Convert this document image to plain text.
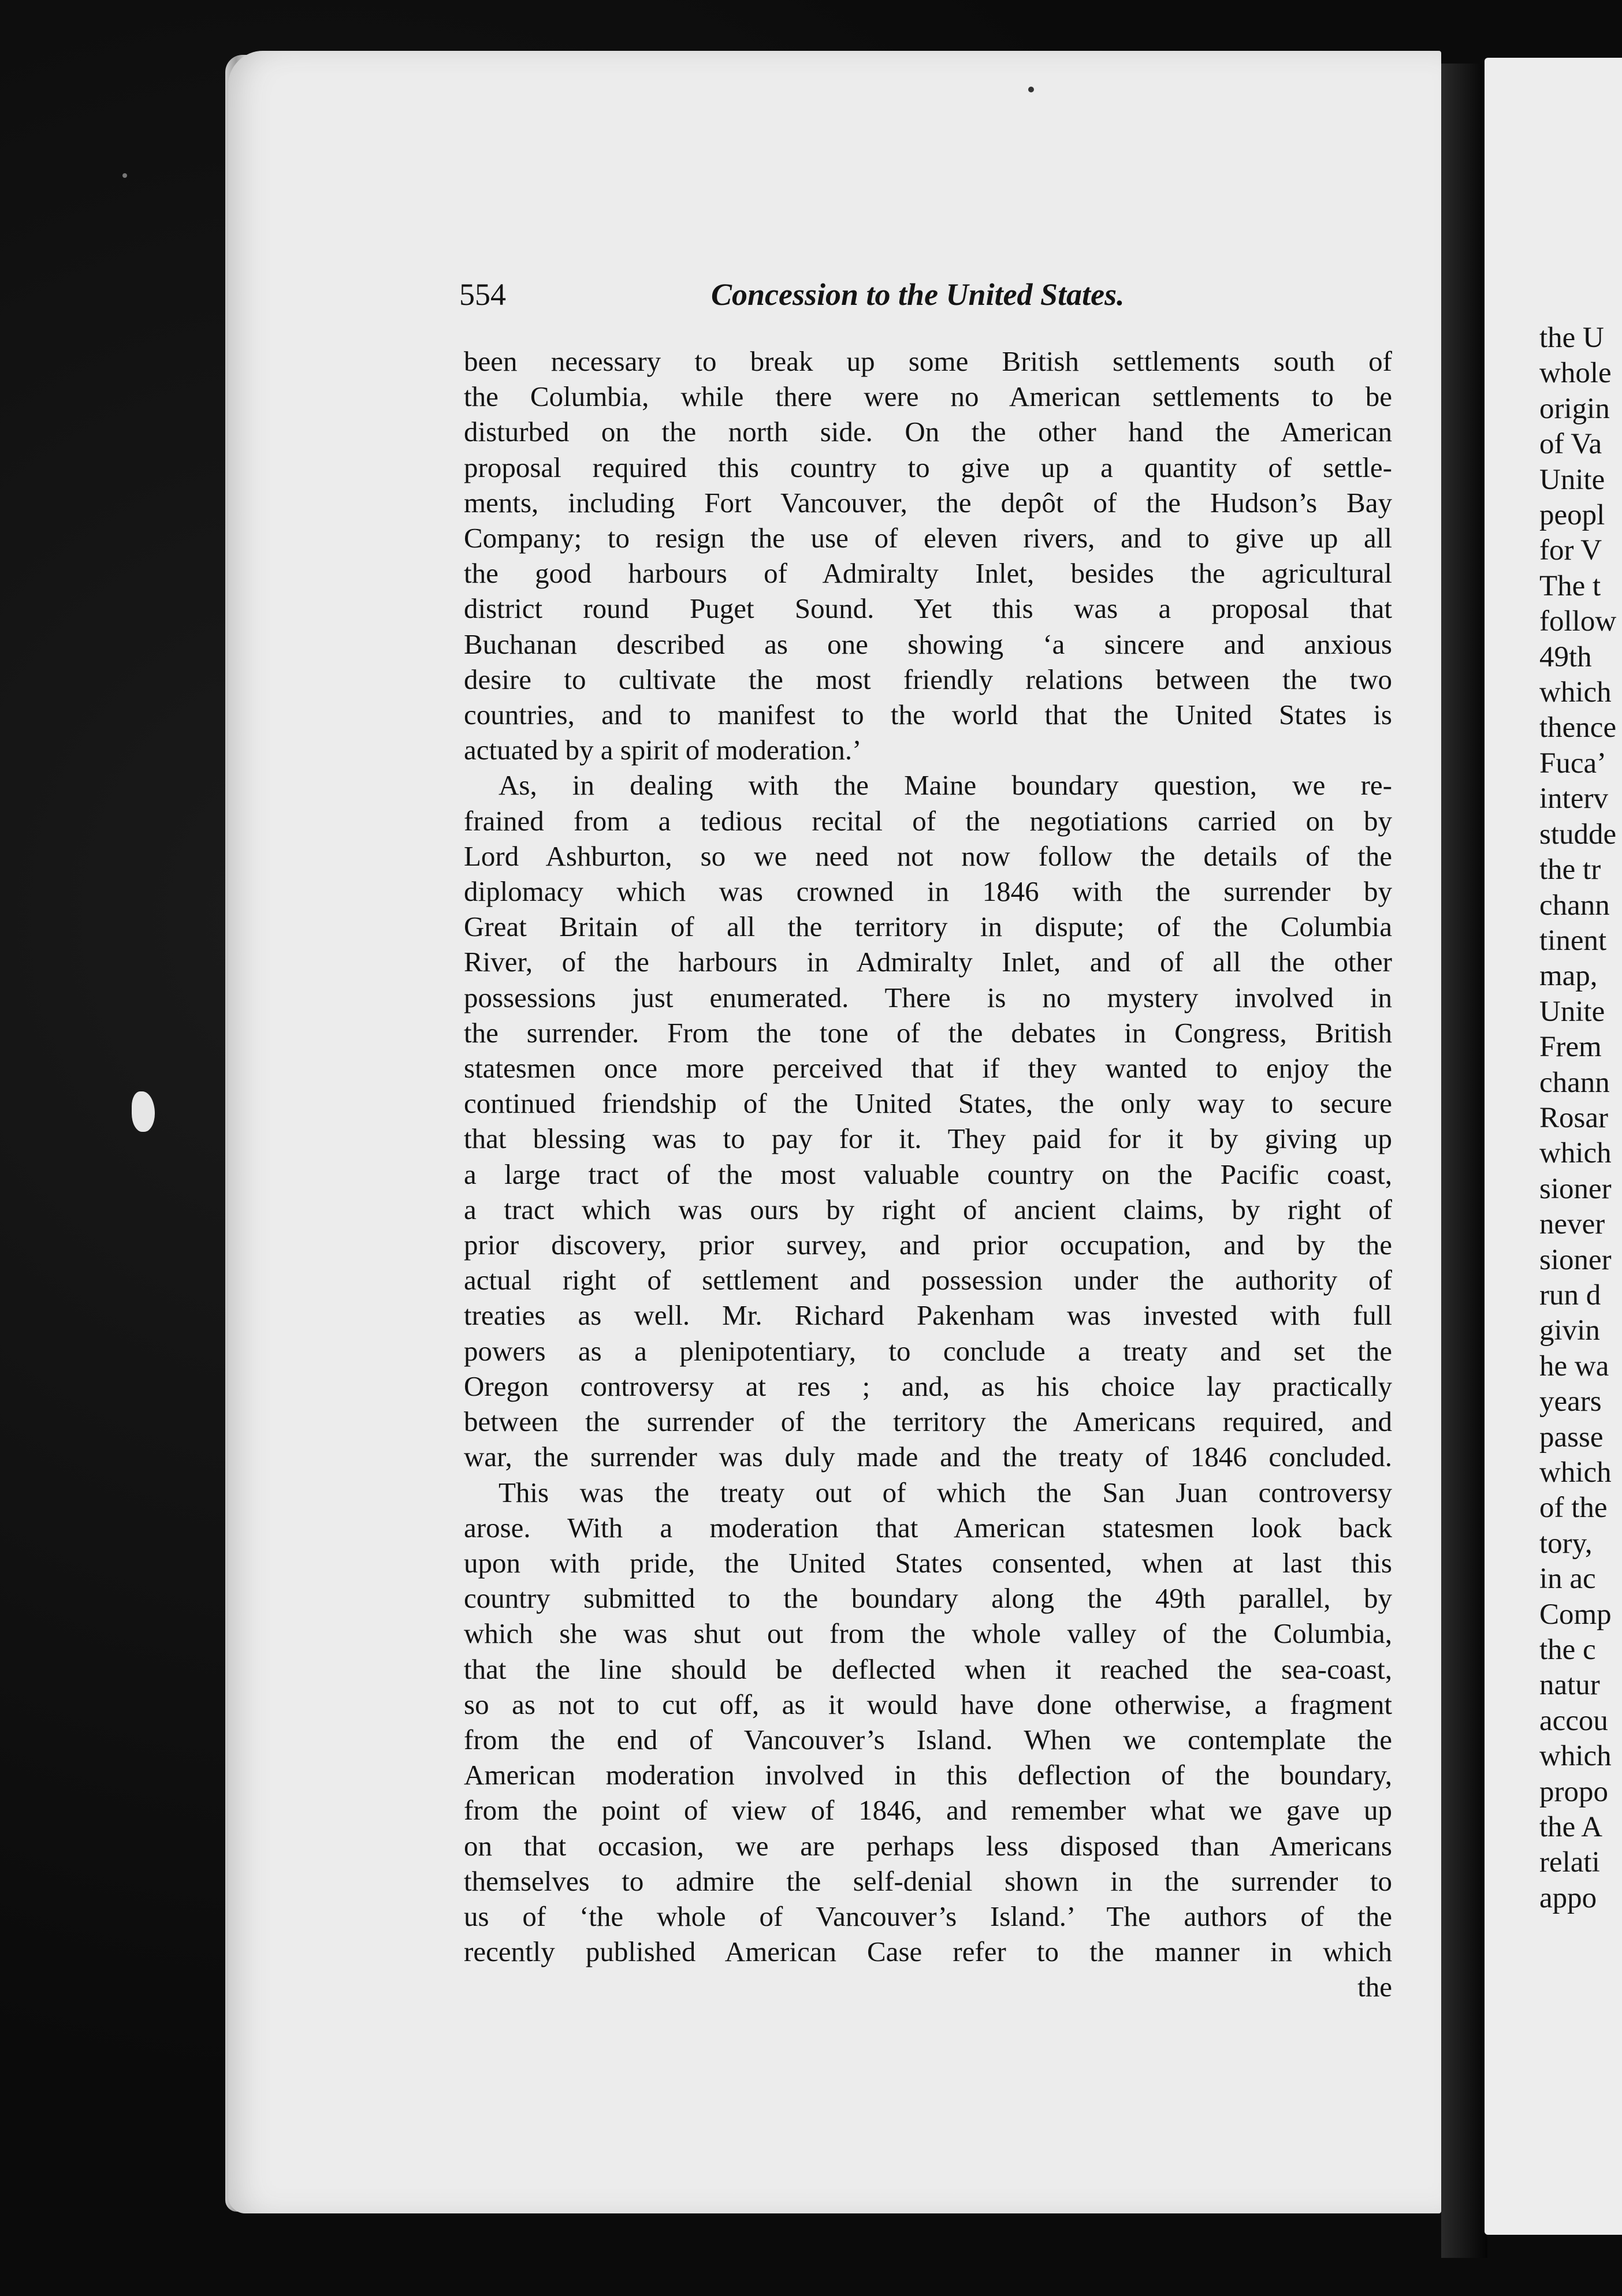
554	Concession to the United States.
been necessary to break up some British settlements south of
the Columbia, while there were no American settlements to be
disturbed on the north side. On the other hand the American
proposal required this country to give up a quantity of settle-
ments, including Fort Vancouver, the depôt of the Hudson’s Bay
Company; to resign the use of eleven rivers, and to give up all
the good harbours of Admiralty Inlet, besides the agricultural
district round Puget Sound. Yet this was a proposal that
Buchanan described as one showing ‘a sincere and anxious
desire to cultivate the most friendly relations between the two
countries, and to manifest to the world that the United States is
actuated by a spirit of moderation.’
As, in dealing with the Maine boundary question, we re-
frained from a tedious recital of the negotiations carried on by
Lord Ashburton, so we need not now follow the details of the
diplomacy which was crowned in 1846 with the surrender by
Great Britain of all the territory in dispute; of the Columbia
River, of the harbours in Admiralty Inlet, and of all the other
possessions just enumerated. There is no mystery involved in
the surrender. From the tone of the debates in Congress, British
statesmen once more perceived that if they wanted to enjoy the
continued friendship of the United States, the only way to secure
that blessing was to pay for it. They paid for it by giving up
a large tract of the most valuable country on the Pacific coast,
a tract which was ours by right of ancient claims, by right of
prior discovery, prior survey, and prior occupation, and by the
actual right of settlement and possession under the authority of
treaties as well. Mr. Richard Pakenham was invested with full
powers as a plenipotentiary, to conclude a treaty and set the
Oregon controversy at res ; and, as his choice lay practically
between the surrender of the territory the Americans required, and
war, the surrender was duly made and the treaty of 1846 concluded.
This was the treaty out of which the San Juan controversy
arose. With a moderation that American statesmen look back
upon with pride, the United States consented, when at last this
country submitted to the boundary along the 49th parallel, by
which she was shut out from the whole valley of the Columbia,
that the line should be deflected when it reached the sea-coast,
so as not to cut off, as it would have done otherwise, a fragment
from the end of Vancouver’s Island. When we contemplate the
American moderation involved in this deflection of the boundary,
from the point of view of 1846, and remember what we gave up
on that occasion, we are perhaps less disposed than Americans
themselves to admire the self-denial shown in the surrender to
us of ‘the whole of Vancouver’s Island.’ The authors of the
recently published American Case refer to the manner in which
the
the U
whole
origin
of Va
Unite
peopl
for V
The t
follow
49th
which
thence
Fuca’
interv
studde
the tr
chann
tinent
map,
Unite
Frem
chann
Rosar
which
sioner
never
sioner
run d
givin
he wa
years
passe
which
of the
tory,
in ac
Comp
the c
natur
accou
which
propo
the A
relati
appo
